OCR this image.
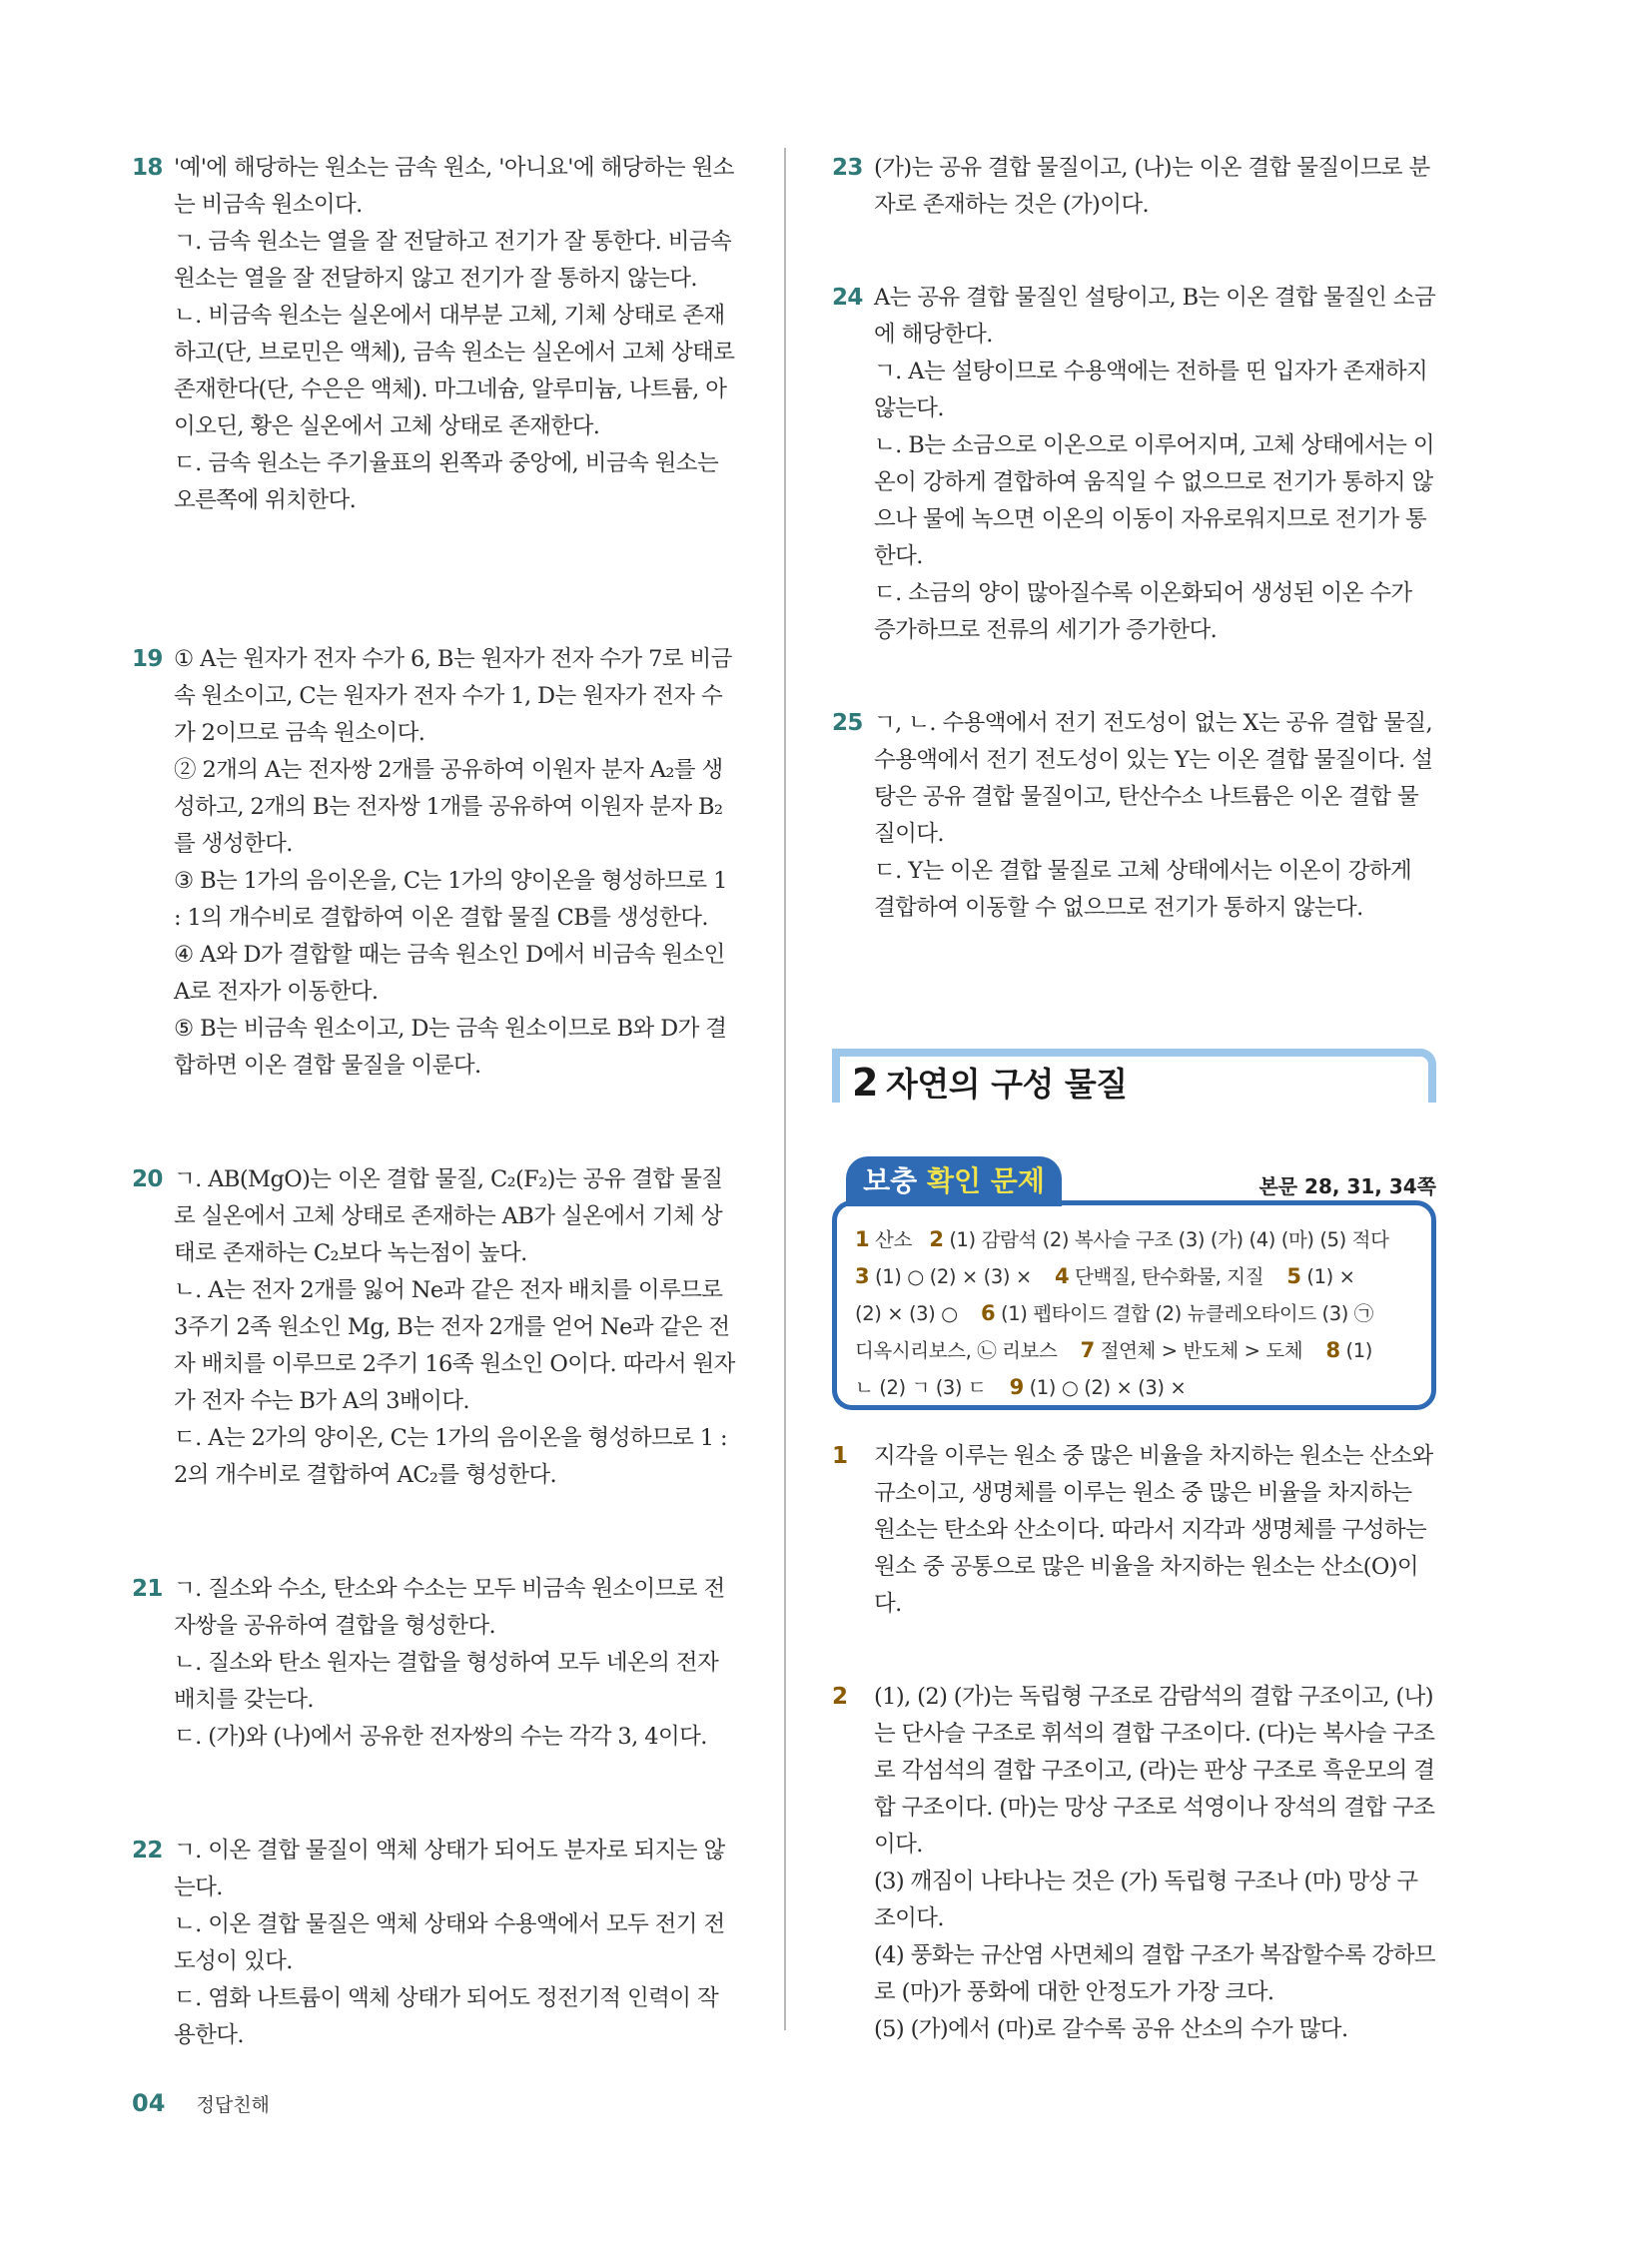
18 '예'에 해당하는 원소는 금속 원소, '아니요'에 해당하는 원소는 비금속 원소이다.

ㄱ. 금속 원소는 열을 잘 전달하고 전기가 잘 통한다. 비금속 원소는 열을 잘 전달하지 않고 전기가 잘 통하지 않는다.

ㄴ. 비금속 원소는 실온에서 대부분 고체, 기체 상태로 존재하고(단, 브로민은 액체), 금속 원소는 실온에서 고체 상태로 존재한다(단, 수은은 액체). 마그네슘, 알루미늄, 나트륨, 아이오딘, 황은 실온에서 고체 상태로 존재한다.

ㄷ. 금속 원소는 주기율표의 왼쪽과 중앙에, 비금속 원소는 오른쪽에 위치한다.

19 ① A는 원자가 전자 수가 6, B는 원자가 전자 수가 7로 비금속 원소이고, C는 원자가 전자 수가 1, D는 원자가 전자 수가 2이므로 금속 원소이다.

② 2개의 A는 전자쌍 2개를 공유하여 이원자 분자 A₂를 생성하고, 2개의 B는 전자쌍 1개를 공유하여 이원자 분자 B₂를 생성한다.

③ B는 1가의 음이온을, C는 1가의 양이온을 형성하므로 1 : 1의 개수비로 결합하여 이온 결합 물질 CB를 생성한다.

④ A와 D가 결합할 때는 금속 원소인 D에서 비금속 원소인 A로 전자가 이동한다.

⑤ B는 비금속 원소이고, D는 금속 원소이므로 B와 D가 결합하면 이온 결합 물질을 이룬다.

20 ㄱ. AB(MgO)는 이온 결합 물질, C₂(F₂)는 공유 결합 물질로 실온에서 고체 상태로 존재하는 AB가 실온에서 기체 상태로 존재하는 C₂보다 녹는점이 높다.

ㄴ. A는 전자 2개를 잃어 Ne과 같은 전자 배치를 이루므로 3주기 2족 원소인 Mg, B는 전자 2개를 얻어 Ne과 같은 전자 배치를 이루므로 2주기 16족 원소인 O이다. 따라서 원자가 전자 수는 B가 A의 3배이다.

ㄷ. A는 2가의 양이온, C는 1가의 음이온을 형성하므로 1 : 2의 개수비로 결합하여 AC₂를 형성한다.

21 ㄱ. 질소와 수소, 탄소와 수소는 모두 비금속 원소이므로 전자쌍을 공유하여 결합을 형성한다.

ㄴ. 질소와 탄소 원자는 결합을 형성하여 모두 네온의 전자 배치를 갖는다.

ㄷ. (가)와 (나)에서 공유한 전자쌍의 수는 각각 3, 4이다.

22 ㄱ. 이온 결합 물질이 액체 상태가 되어도 분자로 되지는 않는다.

ㄴ. 이온 결합 물질은 액체 상태와 수용액에서 모두 전기 전도성이 있다.

ㄷ. 염화 나트륨이 액체 상태가 되어도 정전기적 인력이 작용한다.

23 (가)는 공유 결합 물질이고, (나)는 이온 결합 물질이므로 분자로 존재하는 것은 (가)이다.

24 A는 공유 결합 물질인 설탕이고, B는 이온 결합 물질인 소금에 해당한다.

ㄱ. A는 설탕이므로 수용액에는 전하를 띤 입자가 존재하지 않는다.

ㄴ. B는 소금으로 이온으로 이루어지며, 고체 상태에서는 이온이 강하게 결합하여 움직일 수 없으므로 전기가 통하지 않으나 물에 녹으면 이온의 이동이 자유로워지므로 전기가 통한다.

ㄷ. 소금의 양이 많아질수록 이온화되어 생성된 이온 수가 증가하므로 전류의 세기가 증가한다.

25 ㄱ, ㄴ. 수용액에서 전기 전도성이 없는 X는 공유 결합 물질, 수용액에서 전기 전도성이 있는 Y는 이온 결합 물질이다. 설탕은 공유 결합 물질이고, 탄산수소 나트륨은 이온 결합 물질이다.

ㄷ. Y는 이온 결합 물질로 고체 상태에서는 이온이 강하게 결합하여 이동할 수 없으므로 전기가 통하지 않는다.

2 자연의 구성 물질
보충 확인 문제	본문 28, 31, 34쪽
1 산소 2 (1) 감람석 (2) 복사슬 구조 (3) (가) (4) (마) (5) 적다
3 (1) ○ (2) × (3) × 4 단백질, 탄수화물, 지질 5 (1) ×
(2) × (3) ○ 6 (1) 펩타이드 결합 (2) 뉴클레오타이드 (3) ㉠
디옥시리보스, ㉡ 리보스 7 절연체 > 반도체 > 도체 8 (1)
ㄴ (2) ㄱ (3) ㄷ 9 (1) ○ (2) × (3) ×
1 지각을 이루는 원소 중 많은 비율을 차지하는 원소는 산소와 규소이고, 생명체를 이루는 원소 중 많은 비율을 차지하는 원소는 탄소와 산소이다. 따라서 지각과 생명체를 구성하는 원소 중 공통으로 많은 비율을 차지하는 원소는 산소(O)이다.

2 (1), (2) (가)는 독립형 구조로 감람석의 결합 구조이고, (나)는 단사슬 구조로 휘석의 결합 구조이다. (다)는 복사슬 구조로 각섬석의 결합 구조이고, (라)는 판상 구조로 흑운모의 결합 구조이다. (마)는 망상 구조로 석영이나 장석의 결합 구조이다.

(3) 깨짐이 나타나는 것은 (가) 독립형 구조나 (마) 망상 구조이다.

(4) 풍화는 규산염 사면체의 결합 구조가 복잡할수록 강하므로 (마)가 풍화에 대한 안정도가 가장 크다.

(5) (가)에서 (마)로 갈수록 공유 산소의 수가 많다.

04 정답친해
